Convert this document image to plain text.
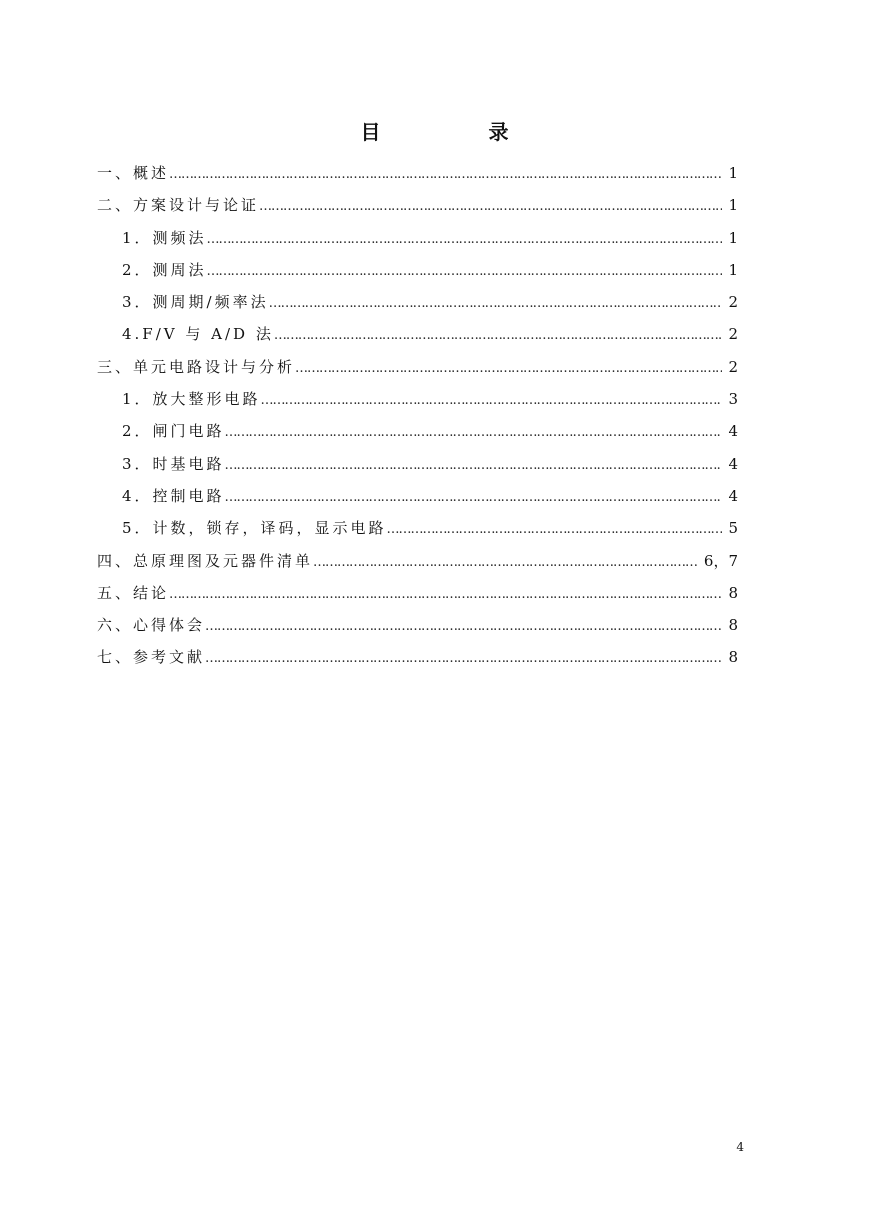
目	录
一、概述 …………………………………………………………………………………………………………………………………………	1
二、方案设计与论证 …………………………………………………………………………………………………………………………………………	1
1．测频法 …………………………………………………………………………………………………………………………………………	1
2．测周法 …………………………………………………………………………………………………………………………………………	1
3．测周期/频率法 …………………………………………………………………………………………………………………………………………	2
4.F/V 与 A/D 法 …………………………………………………………………………………………………………………………………………	2
三、单元电路设计与分析 …………………………………………………………………………………………………………………………………………	2
1．放大整形电路 …………………………………………………………………………………………………………………………………………	3
2．闸门电路 …………………………………………………………………………………………………………………………………………	4
3．时基电路 …………………………………………………………………………………………………………………………………………	4
4．控制电路 …………………………………………………………………………………………………………………………………………	4
5．计数，锁存，译码，显示电路 …………………………………………………………………………………………………………………………………………	5
四、总原理图及元器件清单 …………………………………………………………………………………………………………………………………………	6，7
五、结论 …………………………………………………………………………………………………………………………………………	8
六、心得体会 …………………………………………………………………………………………………………………………………………	8
七、参考文献 …………………………………………………………………………………………………………………………………………	8
4
